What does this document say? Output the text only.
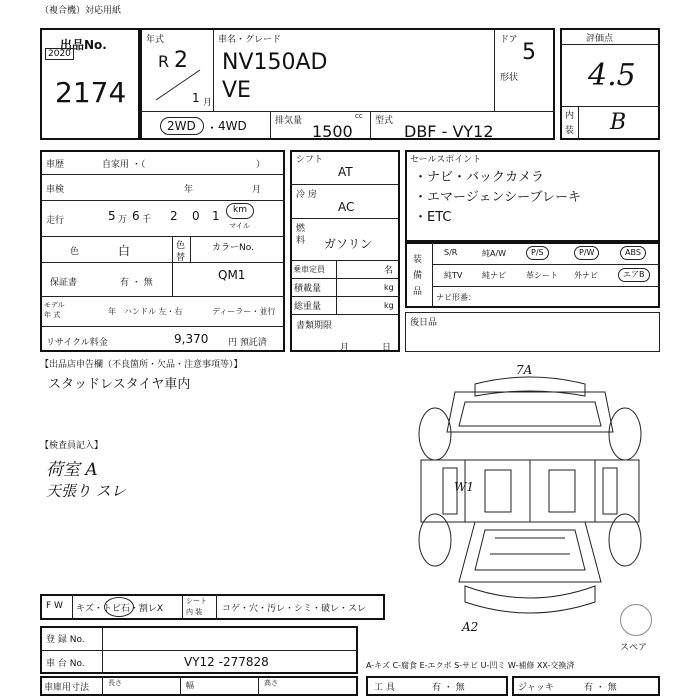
（複合機）対応用紙
出品No.
2020
2174
年式
R 2
1 月
車名・グレード
NV150AD
VE
ドア 5
形状
2WD ・ 4WD	排気量	cc
1500
型式
DBF - VY12
評価点
4.5
内
装 B
車歴	自家用 ・（	）
車検	年	月
走行	5 万 6 千 2 0 1 km
マイル
色	白	色
替
カラーNo.
保証書	有 ・ 無
QM1
モデル
年 式	年 ハンドル 左・右	ディーラー・並行
リサイクル料金	9,370 円 預託済
シフト
AT
冷 房
AC
燃
料 ガソリン
乗車定員	名
積載量	kg
総重量	kg
書類期限
月	日
セールスポイント
・ナビ・バックカメラ
・エマージェンシーブレーキ
・ETC
装
備
品
S/R	純A/W	P/S	P/W	ABS
純TV 純ナビ	革シート 外ナビ	エアB
ナビ形番：
後日品
【出品店申告欄（不良箇所・欠品・注意事項等）】
スタッドレスタイヤ車内
【検査員記入】
荷室 A
天張り スレ
7A
W1
A2
スペア
F W キズ・トビ石・割レX
シート
内 装 コゲ・穴・汚レ・シミ・破レ・スレ
登 録 No.
車 台 No.	VY12 -277828
車庫用寸法	長さ	幅	高さ
A-キズ C-腐食 E-エクボ S-サビ U-凹ミ W-補修 XX-交換済
工 具	有 ・ 無	ジャッキ	有 ・ 無
